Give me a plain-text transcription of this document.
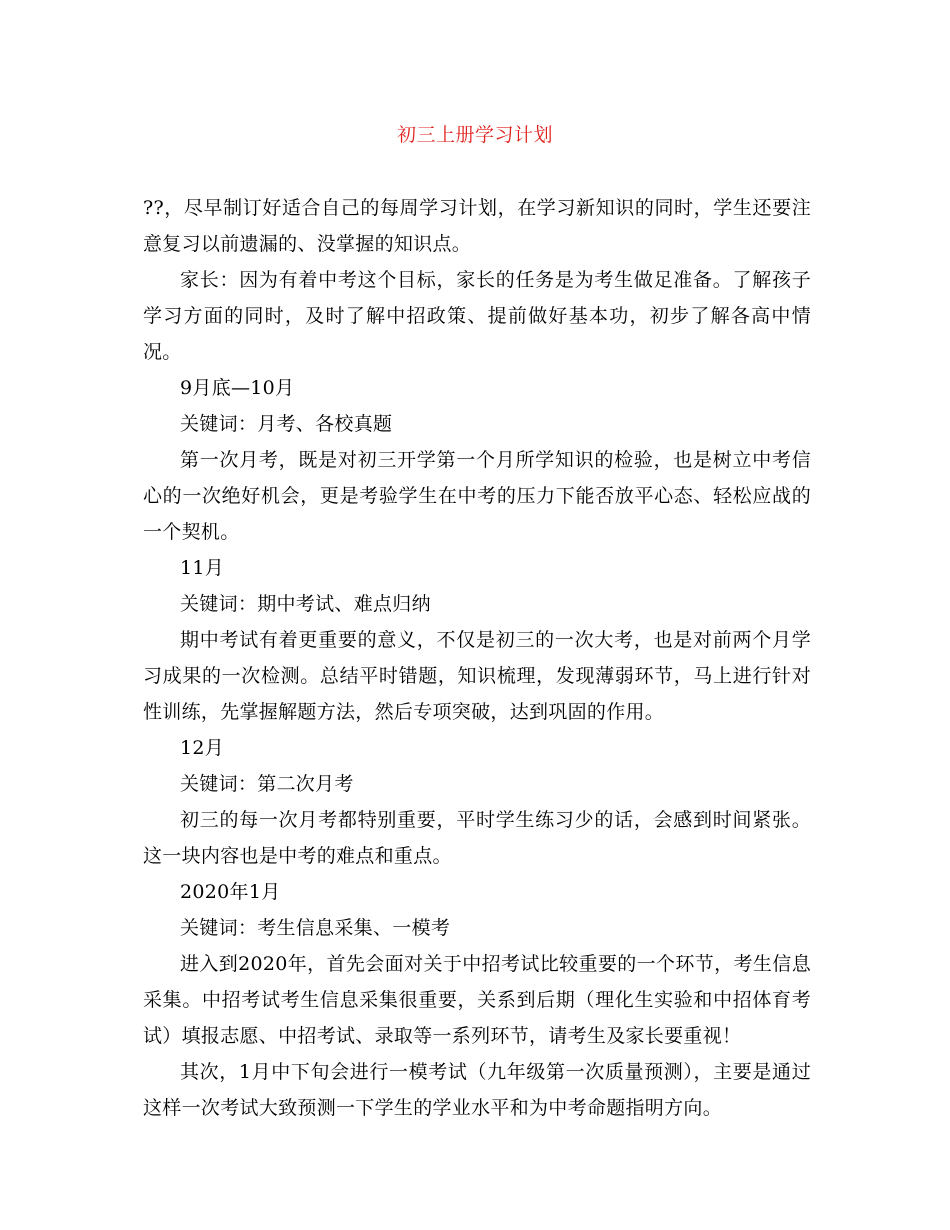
初三上册学习计划

??，尽早制订好适合自己的每周学习计划，在学习新知识的同时，学生还要注意复习以前遗漏的、没掌握的知识点。

家长：因为有着中考这个目标，家长的任务是为考生做足准备。了解孩子学习方面的同时，及时了解中招政策、提前做好基本功，初步了解各高中情况。

9月底—10月

关键词：月考、各校真题

第一次月考，既是对初三开学第一个月所学知识的检验，也是树立中考信心的一次绝好机会，更是考验学生在中考的压力下能否放平心态、轻松应战的一个契机。

11月

关键词：期中考试、难点归纳

期中考试有着更重要的意义，不仅是初三的一次大考，也是对前两个月学习成果的一次检测。总结平时错题，知识梳理，发现薄弱环节，马上进行针对性训练，先掌握解题方法，然后专项突破，达到巩固的作用。

12月

关键词：第二次月考

初三的每一次月考都特别重要，平时学生练习少的话，会感到时间紧张。这一块内容也是中考的难点和重点。

2020年1月

关键词：考生信息采集、一模考

进入到2020年，首先会面对关于中招考试比较重要的一个环节，考生信息采集。中招考试考生信息采集很重要，关系到后期（理化生实验和中招体育考试）填报志愿、中招考试、录取等一系列环节，请考生及家长要重视！

其次，1月中下旬会进行一模考试（九年级第一次质量预测），主要是通过这样一次考试大致预测一下学生的学业水平和为中考命题指明方向。
